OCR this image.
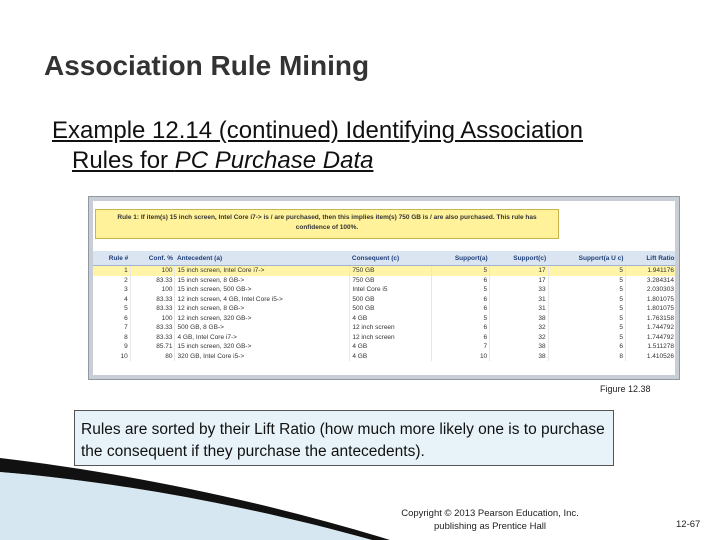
Association Rule Mining

Example 12.14 (continued) Identifying Association
Rules for PC Purchase Data

Rule 1: If item(s) 15 inch screen, Intel Core i7-> is / are purchased, then this implies item(s) 750 GB is / are also purchased. This rule has confidence of 100%.
Rule #	Conf. %	Antecedent (a)	Consequent (c)	Support(a)	Support(c)	Support(a U c)	Lift Ratio
1	100	15 inch screen, Intel Core i7->	750 GB	5	17	5	1.941176
2	83.33	15 inch screen, 8 GB->	750 GB	6	17	5	3.284314
3	100	15 inch screen, 500 GB->	Intel Core i5	5	33	5	2.030303
4	83.33	12 inch screen, 4 GB, Intel Core i5->	500 GB	6	31	5	1.801075
5	83.33	12 inch screen, 8 GB->	500 GB	6	31	5	1.801075
6	100	12 inch screen, 320 GB->	4 GB	5	38	5	1.763158
7	83.33	500 GB, 8 GB->	12 inch screen	6	32	5	1.744792
8	83.33	4 GB, Intel Core i7->	12 inch screen	6	32	5	1.744792
9	85.71	15 inch screen, 320 GB->	4 GB	7	38	6	1.511278
10	80	320 GB, Intel Core i5->	4 GB	10	38	8	1.410526
Figure 12.38
Rules are sorted by their Lift Ratio (how much more likely one is to purchase the consequent if they purchase the antecedents).
Copyright © 2013 Pearson Education, Inc.
publishing as Prentice Hall	12-67
